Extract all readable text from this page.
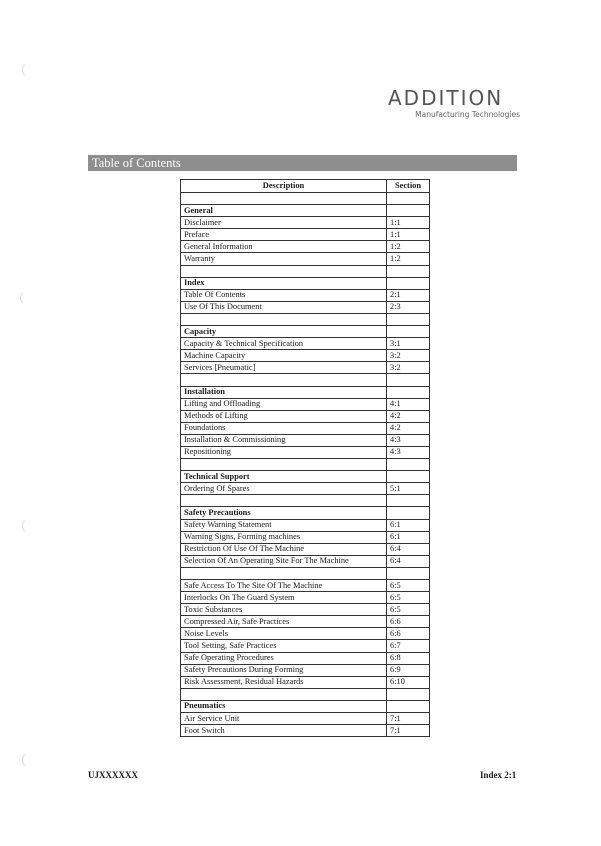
ADDITION
Manufacturing Technologies
Table of Contents
Description	Section

General	
Disclaimer	1:1
Preface	1:1
General Information	1:2
Warranty	1:2

Index	
Table Of Contents	2:1
Use Of This Document	2:3

Capacity	
Capacity & Technical Specification	3:1
Machine Capacity	3:2
Services [Pneumatic]	3:2

Installation	
Lifting and Offloading	4:1
Methods of Lifting	4:2
Foundations	4:2
Installation & Commissioning	4:3
Repositioning	4:3

Technical Support	
Ordering Of Spares	5:1

Safety Precautions	
Safety Warning Statement	6:1
Warning Signs, Forming machines	6:1
Restriction Of Use Of The Machine	6:4
Selection Of An Operating Site For The Machine	6:4

Safe Access To The Site Of The Machine	6:5
Interlocks On The Guard System	6:5
Toxic Substances	6:5
Compressed Air, Safe Practices	6:6
Noise Levels	6:6
Tool Setting, Safe Practices	6:7
Safe Operating Procedures	6:8
Safety Precautions During Forming	6:9
Risk Assessment, Residual Hazards	6:10

Pneumatics	
Air Service Unit	7:1
Foot Switch	7:1
UJXXXXXX	Index 2:1
